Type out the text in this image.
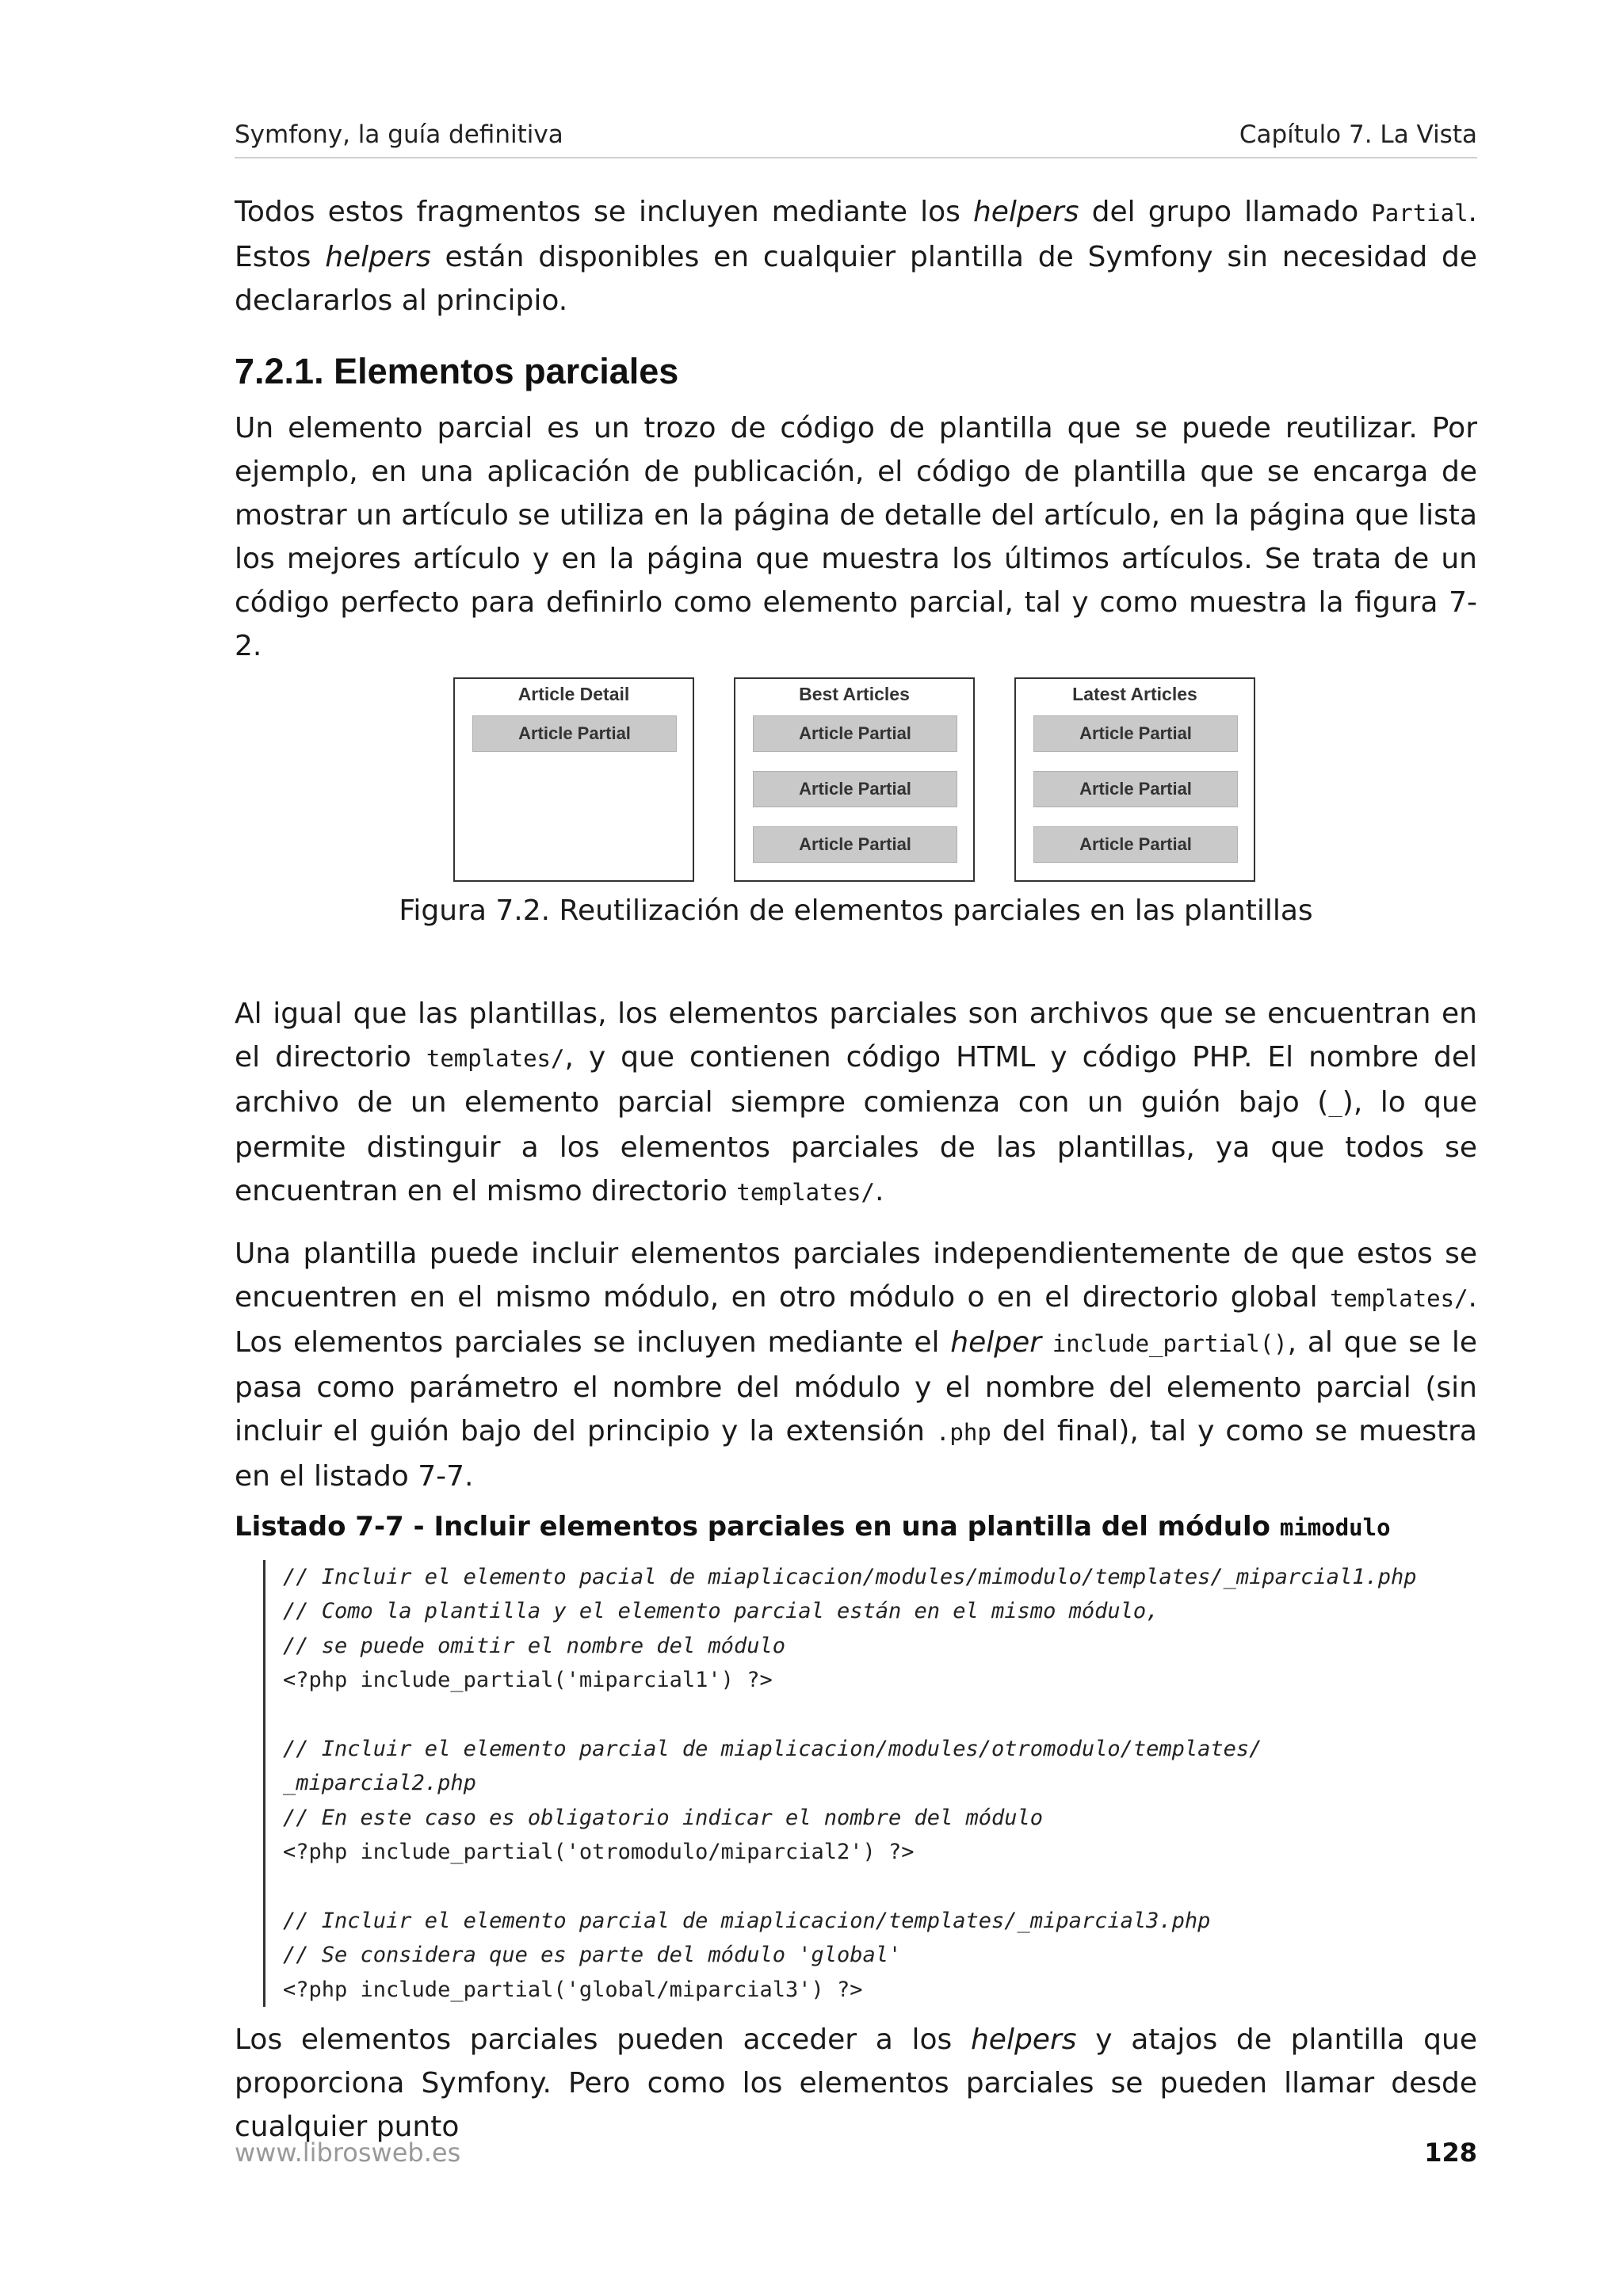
Symfony, la guía definitiva	Capítulo 7. La Vista

Todos estos fragmentos se incluyen mediante los helpers del grupo llamado Partial. Estos helpers están disponibles en cualquier plantilla de Symfony sin necesidad de declararlos al principio.

7.2.1. Elementos parciales

Un elemento parcial es un trozo de código de plantilla que se puede reutilizar. Por ejemplo, en una aplicación de publicación, el código de plantilla que se encarga de mostrar un artículo se utiliza en la página de detalle del artículo, en la página que lista los mejores artículo y en la página que muestra los últimos artículos. Se trata de un código perfecto para definirlo como elemento parcial, tal y como muestra la figura 7-2.

Article Detail
Article Partial
Best Articles
Article Partial
Article Partial
Article Partial
Latest Articles
Article Partial
Article Partial
Article Partial
Figura 7.2. Reutilización de elementos parciales en las plantillas

Al igual que las plantillas, los elementos parciales son archivos que se encuentran en el directorio templates/, y que contienen código HTML y código PHP. El nombre del archivo de un elemento parcial siempre comienza con un guión bajo (_), lo que permite distinguir a los elementos parciales de las plantillas, ya que todos se encuentran en el mismo directorio templates/.

Una plantilla puede incluir elementos parciales independientemente de que estos se encuentren en el mismo módulo, en otro módulo o en el directorio global templates/. Los elementos parciales se incluyen mediante el helper include_partial(), al que se le pasa como parámetro el nombre del módulo y el nombre del elemento parcial (sin incluir el guión bajo del principio y la extensión .php del final), tal y como se muestra en el listado 7-7.

Listado 7-7 - Incluir elementos parciales en una plantilla del módulo mimodulo
// Incluir el elemento pacial de miaplicacion/modules/mimodulo/templates/_miparcial1.php
// Como la plantilla y el elemento parcial están en el mismo módulo,
// se puede omitir el nombre del módulo
<?php include_partial('miparcial1') ?>

// Incluir el elemento parcial de miaplicacion/modules/otromodulo/templates/
_miparcial2.php
// En este caso es obligatorio indicar el nombre del módulo
<?php include_partial('otromodulo/miparcial2') ?>

// Incluir el elemento parcial de miaplicacion/templates/_miparcial3.php
// Se considera que es parte del módulo 'global'
<?php include_partial('global/miparcial3') ?>

Los elementos parciales pueden acceder a los helpers y atajos de plantilla que proporciona Symfony. Pero como los elementos parciales se pueden llamar desde cualquier punto

www.librosweb.es	128
